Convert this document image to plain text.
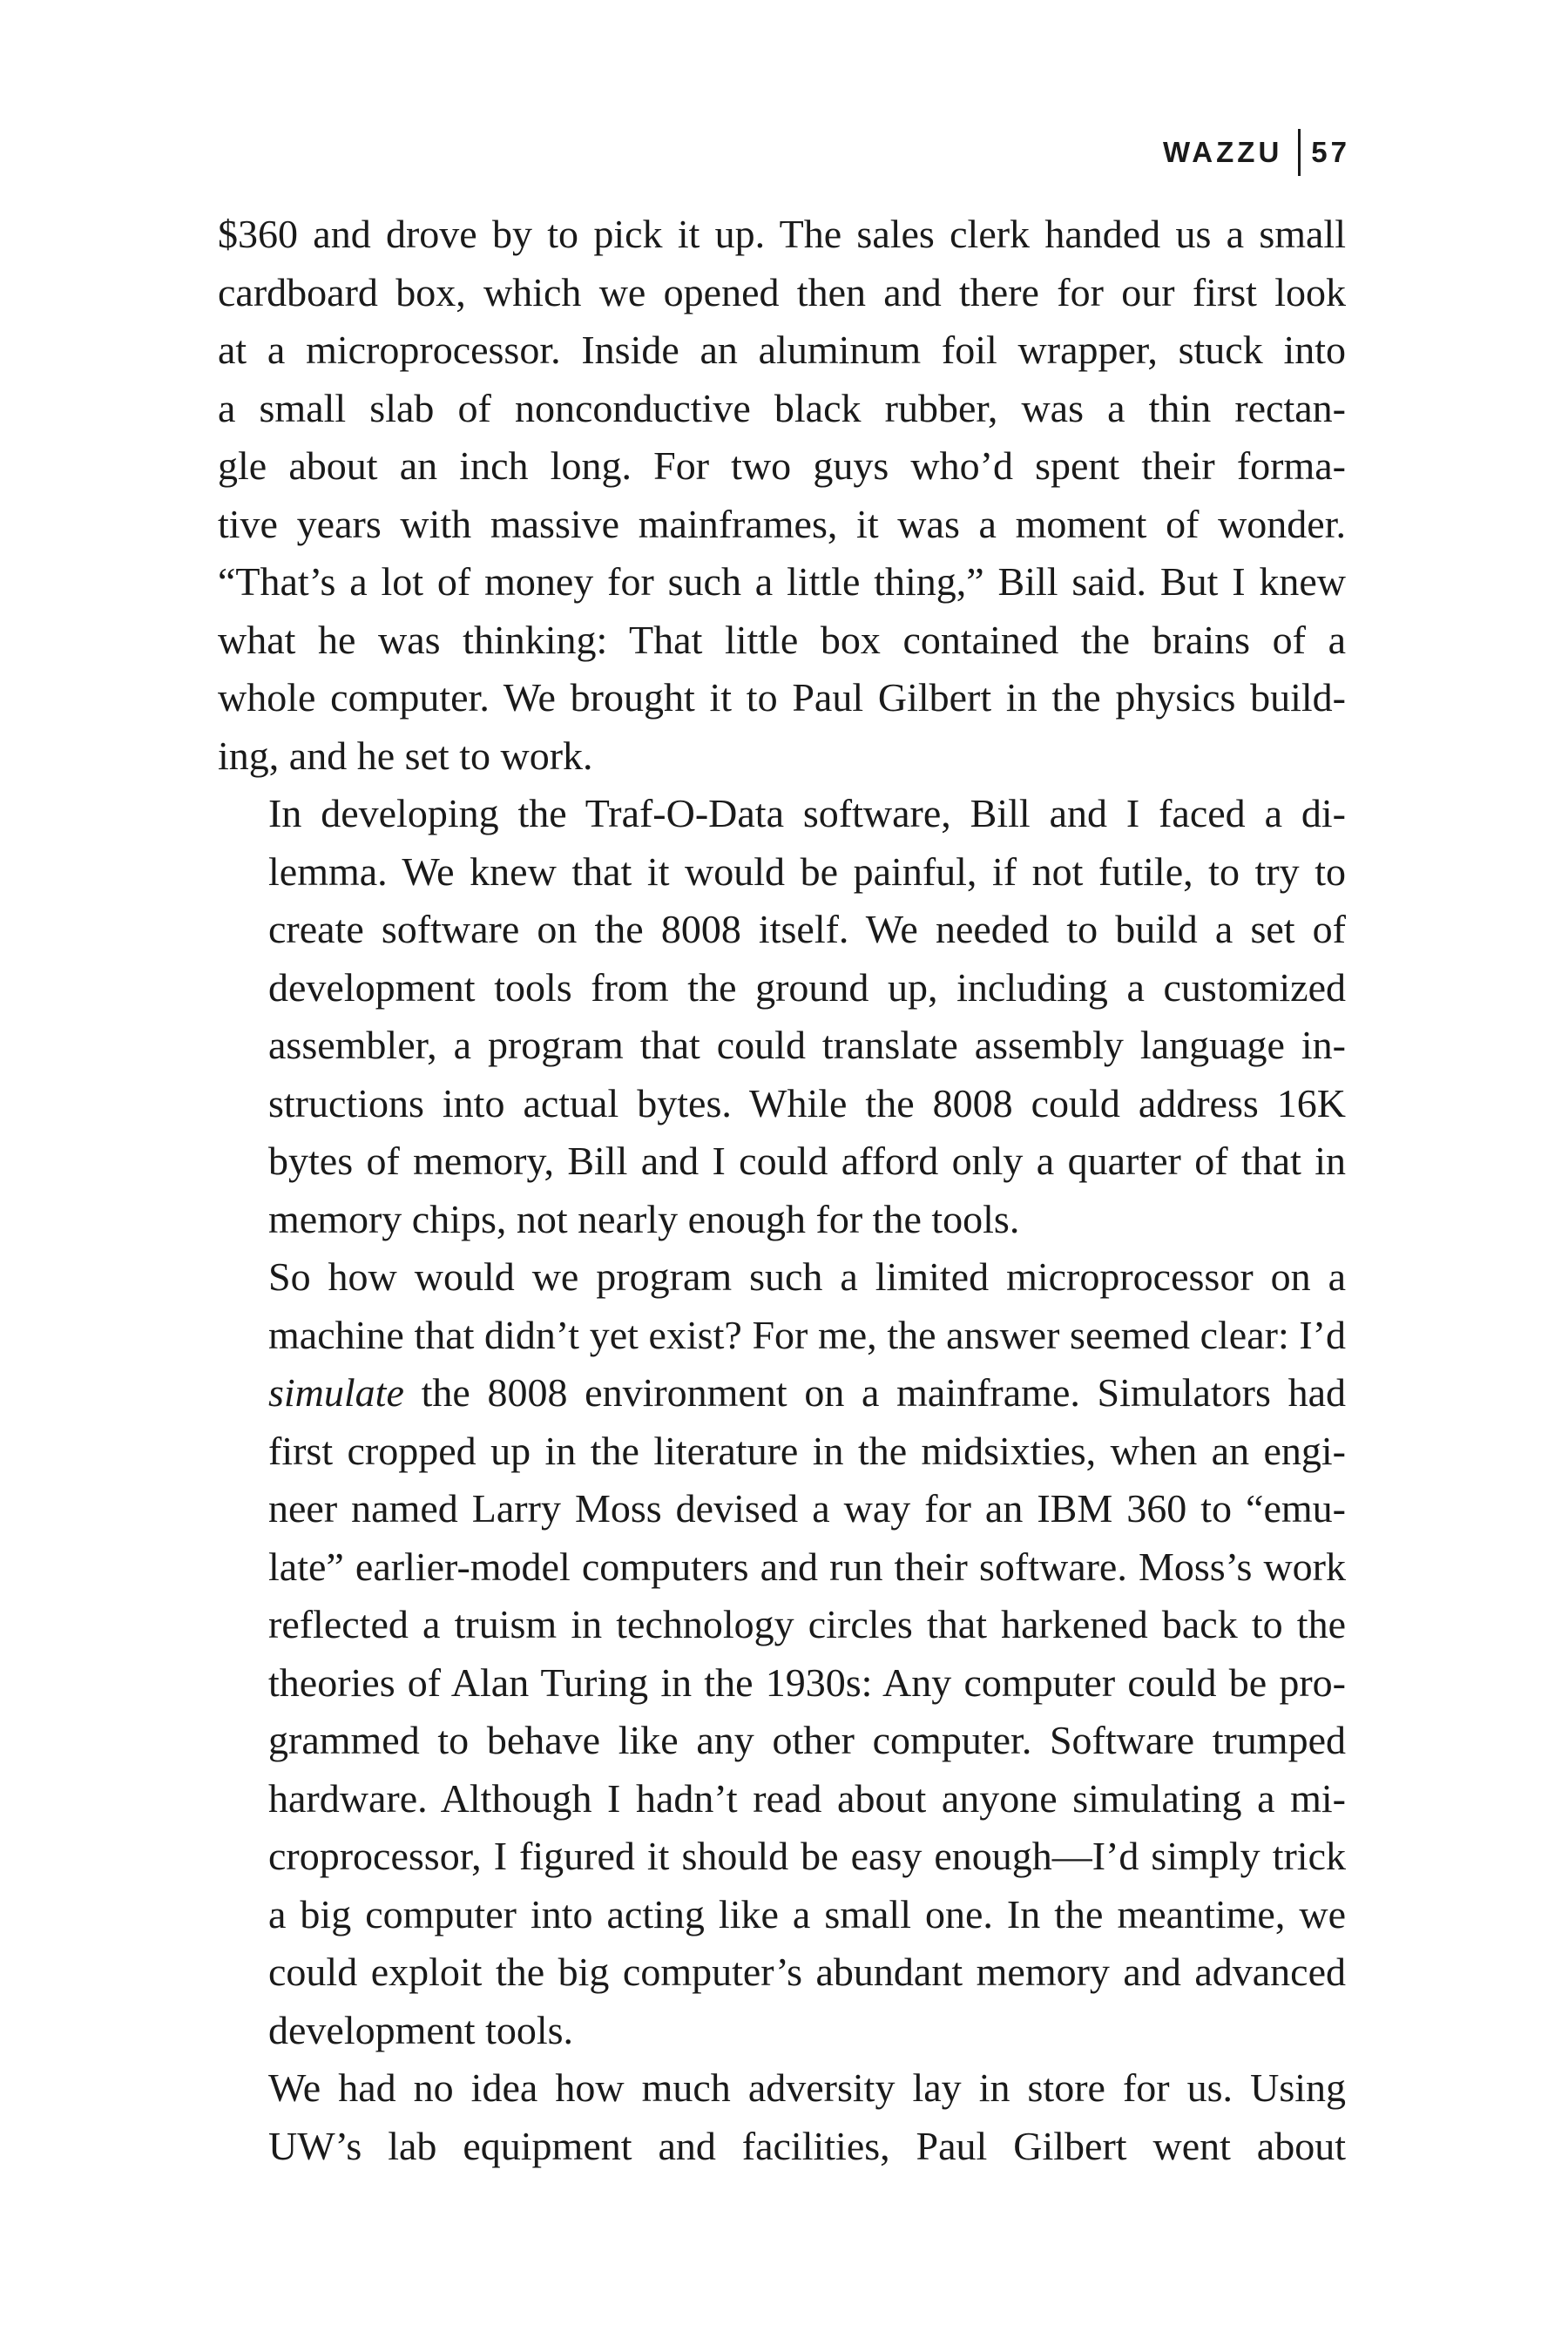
WAZZU 57

$360 and drove by to pick it up. The sales clerk handed us a small
cardboard box, which we opened then and there for our first look
at a microprocessor. Inside an aluminum foil wrapper, stuck into
a small slab of nonconductive black rubber, was a thin rectan-
gle about an inch long. For two guys who’d spent their forma-
tive years with massive mainframes, it was a moment of wonder.
“That’s a lot of money for such a little thing,” Bill said. But I knew
what he was thinking: That little box contained the brains of a
whole computer. We brought it to Paul Gilbert in the physics build-
ing, and he set to work.

In developing the Traf-O-Data software, Bill and I faced a di-
lemma. We knew that it would be painful, if not futile, to try to
create software on the 8008 itself. We needed to build a set of
development tools from the ground up, including a customized
assembler, a program that could translate assembly language in-
structions into actual bytes. While the 8008 could address 16K
bytes of memory, Bill and I could afford only a quarter of that in
memory chips, not nearly enough for the tools.

So how would we program such a limited microprocessor on a
machine that didn’t yet exist? For me, the answer seemed clear: I’d
simulate the 8008 environment on a mainframe. Simulators had
first cropped up in the literature in the midsixties, when an engi-
neer named Larry Moss devised a way for an IBM 360 to “emu-
late” earlier-model computers and run their software. Moss’s work
reflected a truism in technology circles that harkened back to the
theories of Alan Turing in the 1930s: Any computer could be pro-
grammed to behave like any other computer. Software trumped
hardware. Although I hadn’t read about anyone simulating a mi-
croprocessor, I figured it should be easy enough—I’d simply trick
a big computer into acting like a small one. In the meantime, we
could exploit the big computer’s abundant memory and advanced
development tools.

We had no idea how much adversity lay in store for us. Using
UW’s lab equipment and facilities, Paul Gilbert went about
